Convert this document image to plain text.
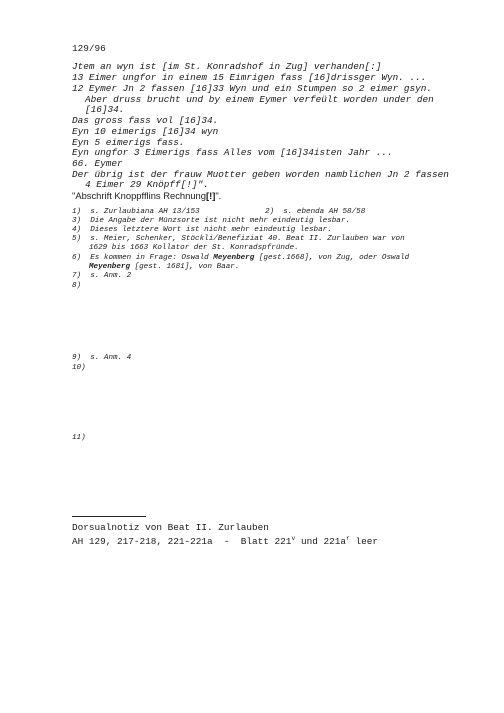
129/96
Jtem an wyn ist [im St. Konradshof in Zug] verhanden[:]
13 Eimer ungfor in einem 15 Eimrigen fass [16]drissger Wyn. ...
12 Eymer Jn 2 fassen [16]33 Wyn und ein Stumpen so 2 eimer gsyn.
Aber druss brucht und by einem Eymer verfeült worden under den
[16]34.
Das gross fass vol [16]34.
Eyn 10 eimerigs [16]34 wyn
Eyn 5 eimerigs fass.
Eyn ungfor 3 Eimerigs fass Alles vom [16]34isten Jahr ...
66. Eymer
Der übrig ist der frauw Muotter geben worden namblichen Jn 2 fassen
4 Eimer 29 Knöpff[!]".
"Abschrift Knoppfflins Rechnung[!]".
1)  s. Zurlaubiana AH 13/153	2)  s. ebenda AH 58/58
3)  Die Angabe der Münzsorte ist nicht mehr eindeutig lesbar.
4)  Dieses letztere Wort ist nicht mehr eindeutig lesbar.
5)  s. Meier, Schenker, Stöckli/Benefiziat 40. Beat II. Zurlauben war von
1629 bis 1663 Kollator der St. Konradspfründe.
6)  Es kommen in Frage: Oswald Meyenberg [gest.1668], von Zug, oder Oswald
Meyenberg [gest. 1681], von Baar.
7)  s. Anm. 2
8)
9)  s. Anm. 4
10)
11)
Dorsualnotiz von Beat II. Zurlauben
AH 129, 217-218, 221-221a  -  Blatt 221$^v$ und $221a^r$ leer
